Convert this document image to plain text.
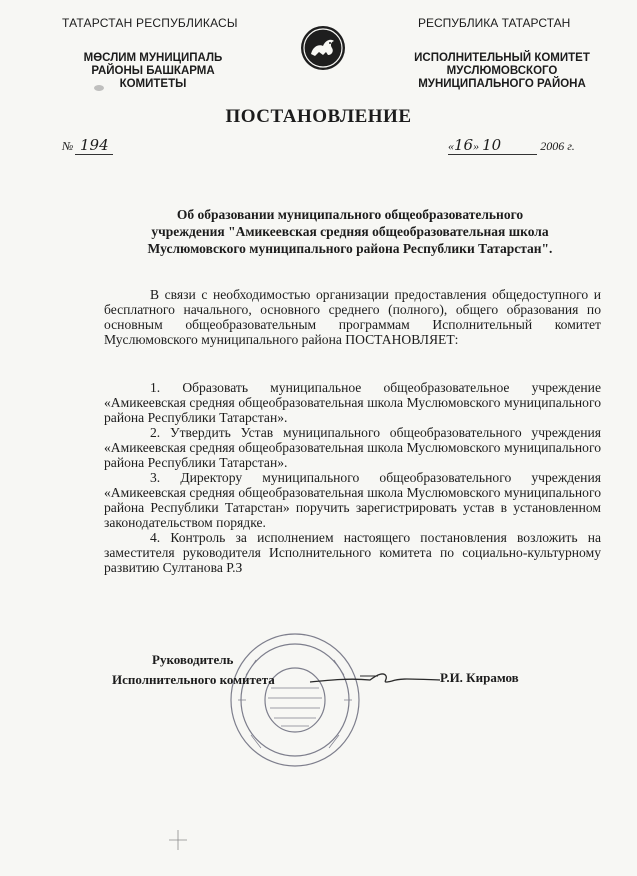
ТАТАРСТАН РЕСПУБЛИКАСЫ
МӨСЛИМ МУНИЦИПАЛЬ
РАЙОНЫ БАШКАРМА
КОМИТЕТЫ
РЕСПУБЛИКА ТАТАРСТАН
ИСПОЛНИТЕЛЬНЫЙ КОМИТЕТ
МУСЛЮМОВСКОГО
МУНИЦИПАЛЬНОГО РАЙОНА
ПОСТАНОВЛЕНИЕ
№ 194	«16» 10	2006 г.
Об образовании муниципального общеобразовательного
учреждения "Амикеевская средняя общеобразовательная школа
Муслюмовского муниципального района Республики Татарстан".
В связи с необходимостью организации предоставления общедоступного и бесплатного начального, основного среднего (полного), общего образования по основным общеобразовательным программам Исполнительный комитет Муслюмовского муниципального района ПОСТАНОВЛЯЕТ:

1. Образовать муниципальное общеобразовательное учреждение «Амикеевская средняя общеобразовательная школа Муслюмовского муниципального района Республики Татарстан».

2. Утвердить Устав муниципального общеобразовательного учреждения «Амикеевская средняя общеобразовательная школа Муслюмовского муниципального района Республики Татарстан».

3. Директору муниципального общеобразовательного учреждения «Амикеевская средняя общеобразовательная школа Муслюмовского муниципального района Республики Татарстан» поручить зарегистрировать устав в установленном законодательством порядке.

4. Контроль за исполнением настоящего постановления возложить на заместителя руководителя Исполнительного комитета по социально-культурному развитию Султанова Р.З

Руководитель
Исполнительного комитета	Р.И. Кирамов
